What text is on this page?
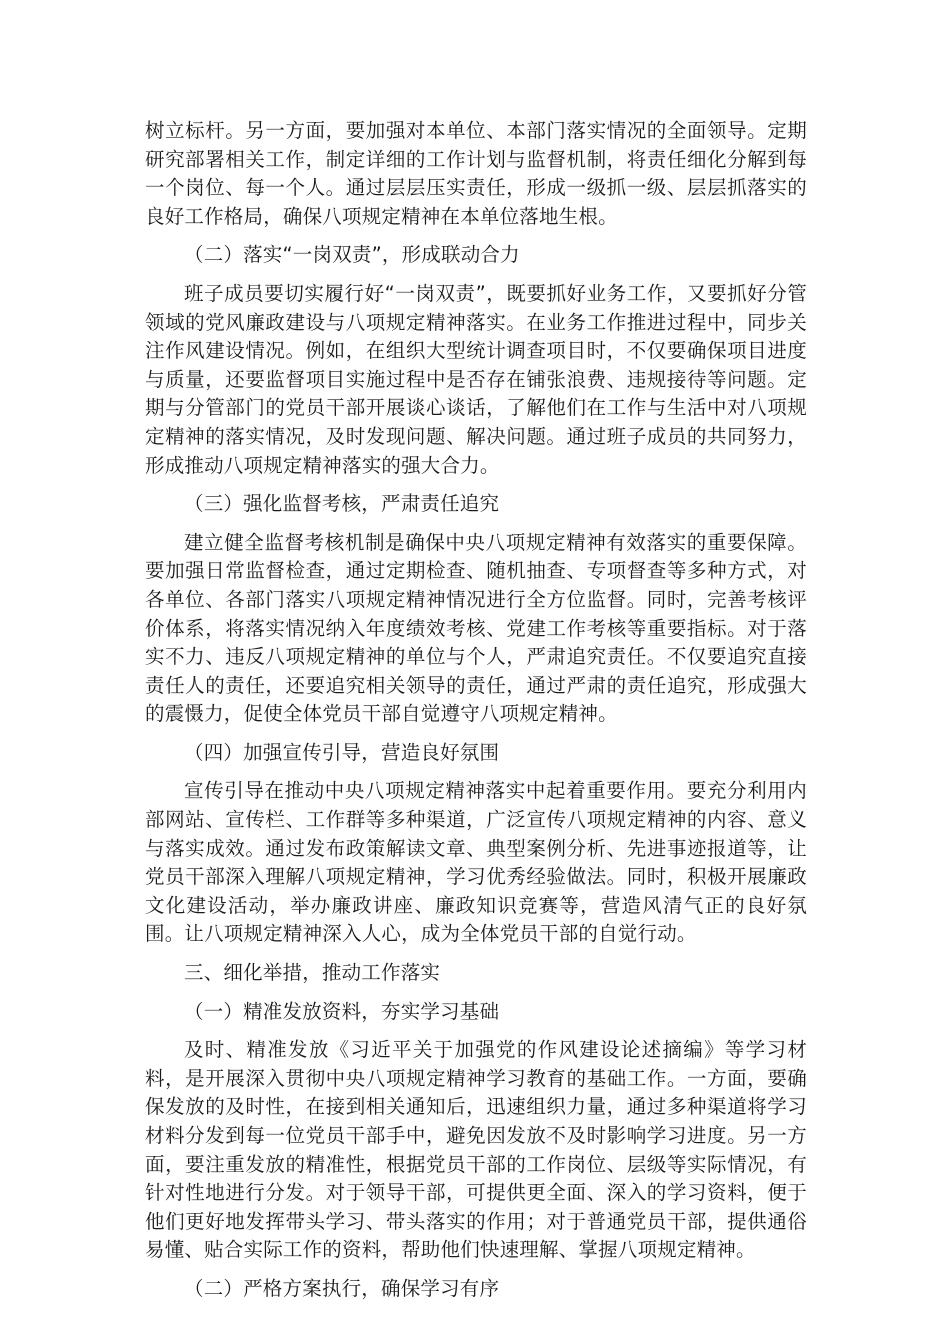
树立标杆。另一方面，要加强对本单位、本部门落实情况的全面领导。定期研究部署相关工作，制定详细的工作计划与监督机制，将责任细化分解到每一个岗位、每一个人。通过层层压实责任，形成一级抓一级、层层抓落实的良好工作格局，确保八项规定精神在本单位落地生根。

（二）落实“一岗双责”，形成联动合力

班子成员要切实履行好“一岗双责”，既要抓好业务工作，又要抓好分管领域的党风廉政建设与八项规定精神落实。在业务工作推进过程中，同步关注作风建设情况。例如，在组织大型统计调查项目时，不仅要确保项目进度与质量，还要监督项目实施过程中是否存在铺张浪费、违规接待等问题。定期与分管部门的党员干部开展谈心谈话，了解他们在工作与生活中对八项规定精神的落实情况，及时发现问题、解决问题。通过班子成员的共同努力，形成推动八项规定精神落实的强大合力。

（三）强化监督考核，严肃责任追究

建立健全监督考核机制是确保中央八项规定精神有效落实的重要保障。要加强日常监督检查，通过定期检查、随机抽查、专项督查等多种方式，对各单位、各部门落实八项规定精神情况进行全方位监督。同时，完善考核评价体系，将落实情况纳入年度绩效考核、党建工作考核等重要指标。对于落实不力、违反八项规定精神的单位与个人，严肃追究责任。不仅要追究直接责任人的责任，还要追究相关领导的责任，通过严肃的责任追究，形成强大的震慑力，促使全体党员干部自觉遵守八项规定精神。

（四）加强宣传引导，营造良好氛围

宣传引导在推动中央八项规定精神落实中起着重要作用。要充分利用内部网站、宣传栏、工作群等多种渠道，广泛宣传八项规定精神的内容、意义与落实成效。通过发布政策解读文章、典型案例分析、先进事迹报道等，让党员干部深入理解八项规定精神，学习优秀经验做法。同时，积极开展廉政文化建设活动，举办廉政讲座、廉政知识竞赛等，营造风清气正的良好氛围。让八项规定精神深入人心，成为全体党员干部的自觉行动。

三、细化举措，推动工作落实

（一）精准发放资料，夯实学习基础

及时、精准发放《习近平关于加强党的作风建设论述摘编》等学习材料，是开展深入贯彻中央八项规定精神学习教育的基础工作。一方面，要确保发放的及时性，在接到相关通知后，迅速组织力量，通过多种渠道将学习材料分发到每一位党员干部手中，避免因发放不及时影响学习进度。另一方面，要注重发放的精准性，根据党员干部的工作岗位、层级等实际情况，有针对性地进行分发。对于领导干部，可提供更全面、深入的学习资料，便于他们更好地发挥带头学习、带头落实的作用；对于普通党员干部，提供通俗易懂、贴合实际工作的资料，帮助他们快速理解、掌握八项规定精神。

（二）严格方案执行，确保学习有序
